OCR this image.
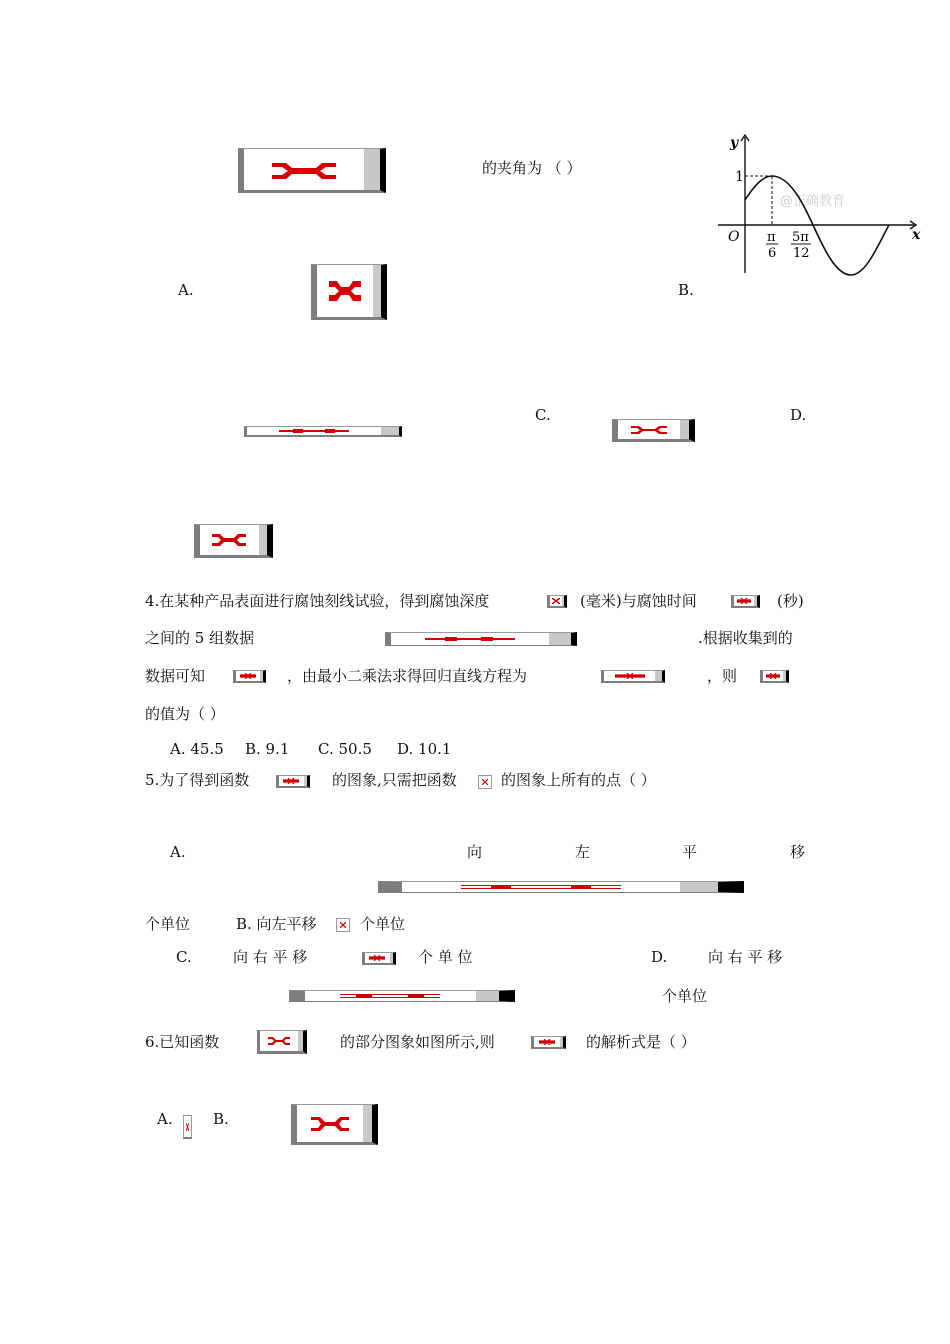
的夹角为 （ ）
A.	B.
@正确教育
y
x
O
1
π
6
5π
12
C.	D.
4.在某种产品表面进行腐蚀刻线试验，得到腐蚀深度	(毫米)与腐蚀时间	(秒)
之间的 5 组数据	.根据收集到的
数据可知	，由最小二乘法求得回归直线方程为	，则
的值为（ ）
A. 45.5 B. 9.1 C. 50.5 D. 10.1
5.为了得到函数	的图象,只需把函数	的图象上所有的点（ ）
A.	向	左	平	移
个单位	B. 向左平移	个单位
C.	向 右 平 移	个 单 位	D.	向 右 平 移
个单位
6.已知函数	的部分图象如图所示,则	的解析式是（ ）
A.	B.
